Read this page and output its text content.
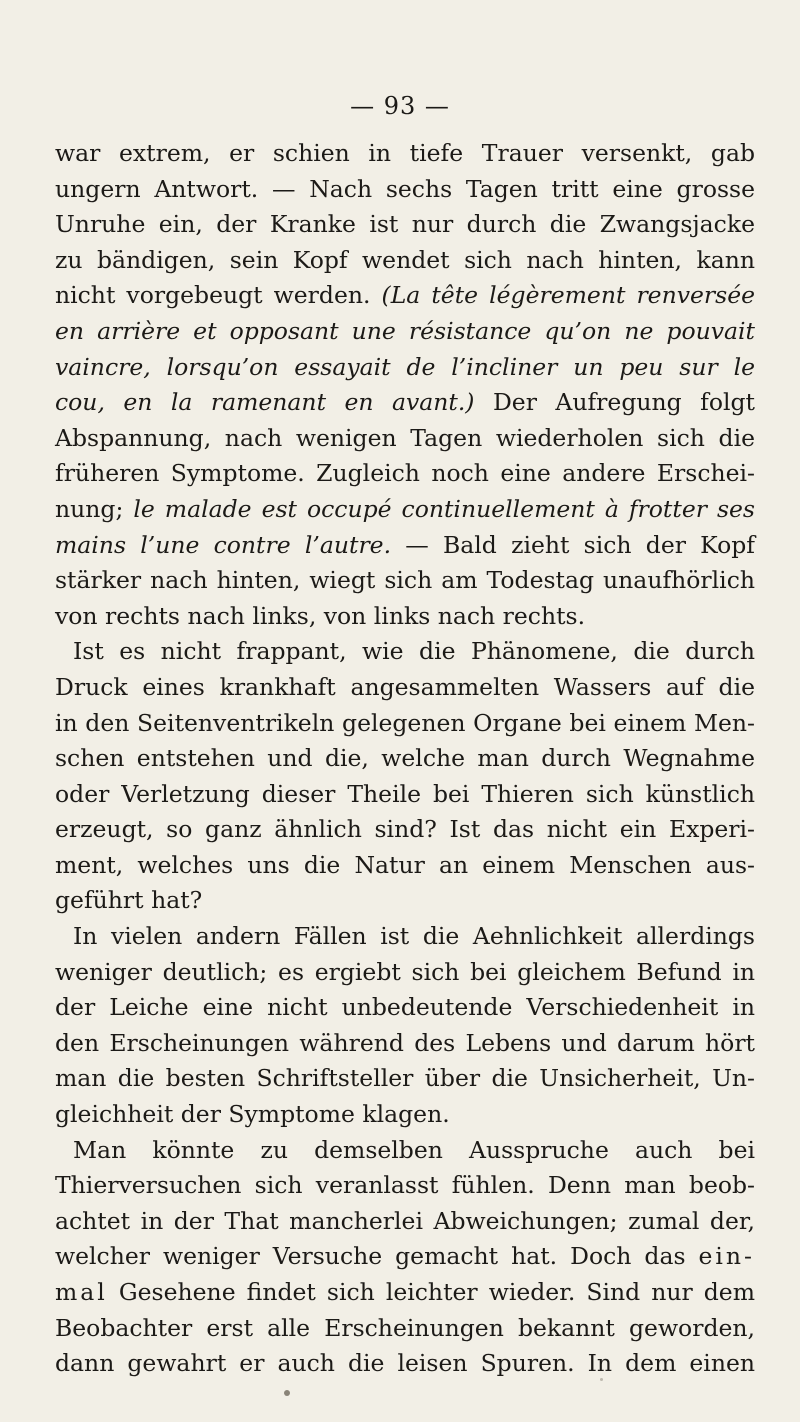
— 93 —
war extrem, er schien in tiefe Trauer versenkt, gab
ungern Antwort. — Nach sechs Tagen tritt eine grosse
Unruhe ein, der Kranke ist nur durch die Zwangsjacke
zu bändigen, sein Kopf wendet sich nach hinten, kann
nicht vorgebeugt werden. (La tête légèrement renversée
en arrière et opposant une résistance qu’on ne pouvait
vaincre, lorsqu’on essayait de l’incliner un peu sur le
cou, en la ramenant en avant.) Der Aufregung folgt
Abspannung, nach wenigen Tagen wiederholen sich die
früheren Symptome. Zugleich noch eine andere Erschei-
nung; le malade est occupé continuellement à frotter ses
mains l’une contre l’autre. — Bald zieht sich der Kopf
stärker nach hinten, wiegt sich am Todestag unaufhörlich
von rechts nach links, von links nach rechts.
Ist es nicht frappant, wie die Phänomene, die durch
Druck eines krankhaft angesammelten Wassers auf die
in den Seitenventrikeln gelegenen Organe bei einem Men-
schen entstehen und die, welche man durch Wegnahme
oder Verletzung dieser Theile bei Thieren sich künstlich
erzeugt, so ganz ähnlich sind? Ist das nicht ein Experi-
ment, welches uns die Natur an einem Menschen aus-
geführt hat?
In vielen andern Fällen ist die Aehnlichkeit allerdings
weniger deutlich; es ergiebt sich bei gleichem Befund in
der Leiche eine nicht unbedeutende Verschiedenheit in
den Erscheinungen während des Lebens und darum hört
man die besten Schriftsteller über die Unsicherheit, Un-
gleichheit der Symptome klagen.
Man könnte zu demselben Ausspruche auch bei
Thierversuchen sich veranlasst fühlen. Denn man beob-
achtet in der That mancherlei Abweichungen; zumal der,
welcher weniger Versuche gemacht hat. Doch das ein-
mal Gesehene findet sich leichter wieder. Sind nur dem
Beobachter erst alle Erscheinungen bekannt geworden,
dann gewahrt er auch die leisen Spuren. In dem einen
